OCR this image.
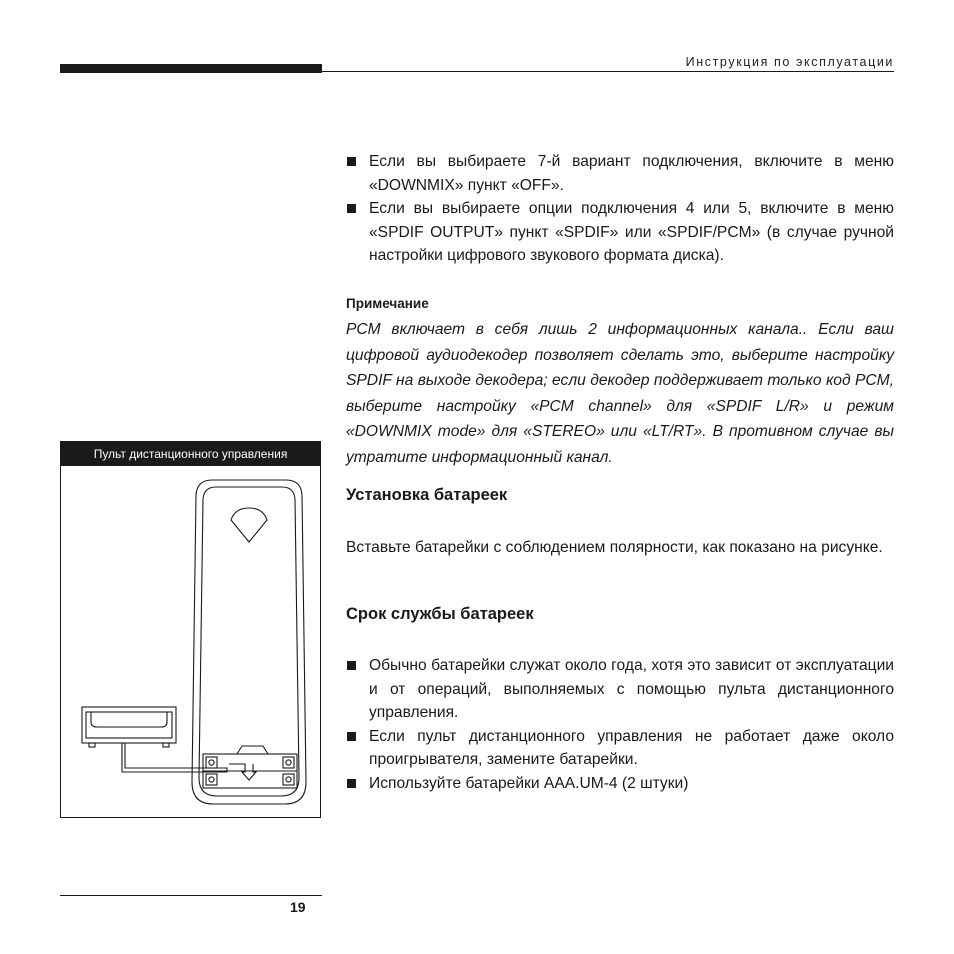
Инструкция по эксплуатации
Если вы выбираете 7-й вариант подключения, включите в меню «DOWNMIX» пункт «OFF».
Если вы выбираете опции подключения 4 или 5, включите в меню «SPDIF OUTPUT» пункт «SPDIF» или «SPDIF/PCM» (в случае ручной настройки цифрового звукового формата диска).
Примечание
PCM включает в себя лишь 2 информационных канала.. Если ваш цифровой аудиодекодер позволяет сделать это, выберите настройку SPDIF на выходе декодера; если декодер поддерживает только код PCM, выберите настройку «PCM channel» для «SPDIF L/R» и режим «DOWNMIX mode» для «STEREO» или «LT/RT». В противном случае вы утратите информационный канал.
Установка батареек
Вставьте батарейки с соблюдением полярности, как показано на рисунке.
Срок службы батареек
Обычно батарейки служат около года, хотя это зависит от эксплуатации и от операций, выполняемых с помощью пульта дистанционного управления.
Если пульт дистанционного управления не работает даже около проигрывателя, замените батарейки.
Используйте батарейки AAA.UM-4 (2 штуки)
Пульт дистанционного управления
19
